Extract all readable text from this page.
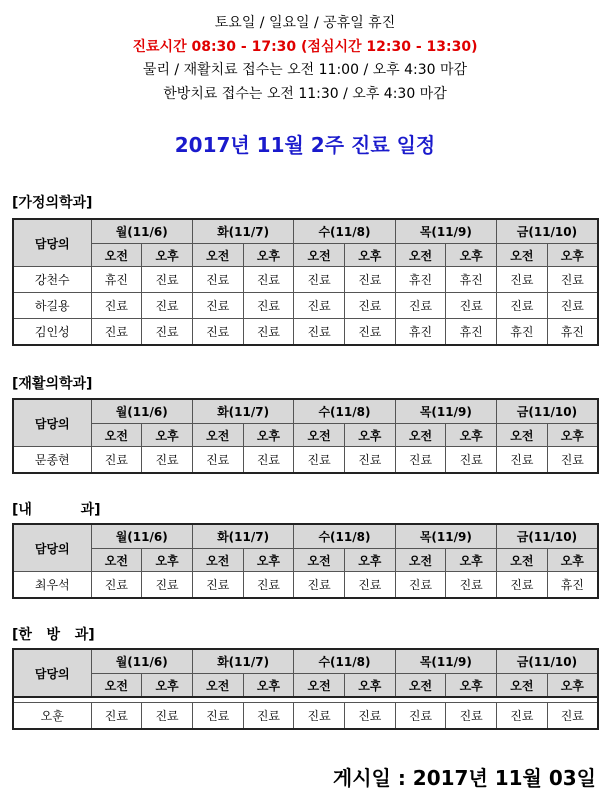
토요일 / 일요일 / 공휴일 휴진
진료시간 08:30 - 17:30 (점심시간 12:30 - 13:30)
물리 / 재활치료 접수는 오전 11:00 / 오후 4:30 마감
한방치료 접수는 오전 11:30 / 오후 4:30 마감
2017년 11월 2주 진료 일정
[가정의학과]
담당의	월(11/6)		화(11/7)		수(11/8)		목(11/9)		금(11/10)	
	오전	오후	오전	오후	오전	오후	오전	오후	오전	오후
강천수	휴진	진료	진료	진료	진료	진료	휴진	휴진	진료	진료
하길용	진료	진료	진료	진료	진료	진료	진료	진료	진료	진료
김인성	진료	진료	진료	진료	진료	진료	휴진	휴진	휴진	휴진
[재활의학과]
담당의	월(11/6)		화(11/7)		수(11/8)		목(11/9)		금(11/10)	
	오전	오후	오전	오후	오전	오후	오전	오후	오전	오후
문종현	진료	진료	진료	진료	진료	진료	진료	진료	진료	진료
[내          과]
담당의	월(11/6)		화(11/7)		수(11/8)		목(11/9)		금(11/10)	
	오전	오후	오전	오후	오전	오후	오전	오후	오전	오후
최우석	진료	진료	진료	진료	진료	진료	진료	진료	진료	휴진
[한   방   과]
담당의	월(11/6)		화(11/7)		수(11/8)		목(11/9)		금(11/10)	
	오전	오후	오전	오후	오전	오후	오전	오후	오전	오후

오훈	진료	진료	진료	진료	진료	진료	진료	진료	진료	진료
게시일 : 2017년 11월 03일
